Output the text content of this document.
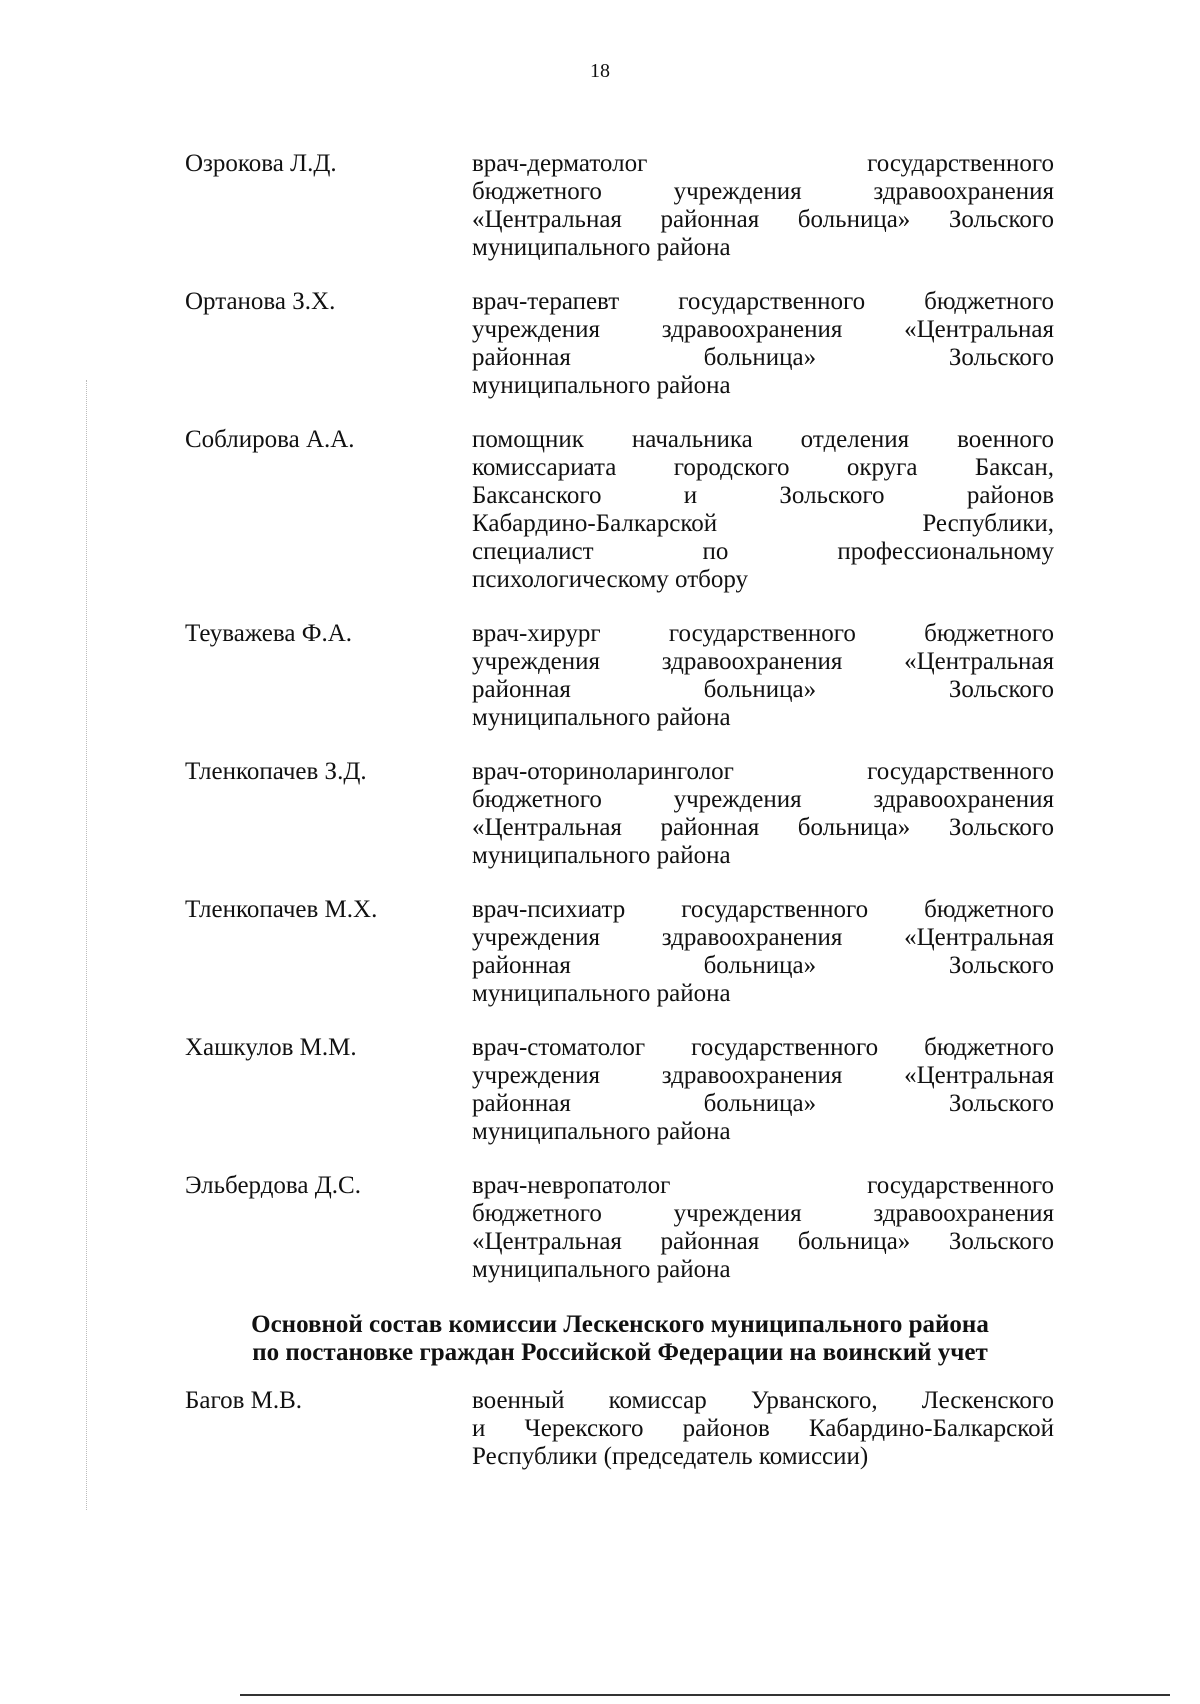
18
Озрокова Л.Д.	врач-дерматолог государственного
бюджетного учреждения здравоохранения
«Центральная районная больница» Зольского
муниципального района
Ортанова З.Х.	врач-терапевт государственного бюджетного
учреждения здравоохранения «Центральная
районная больница» Зольского
муниципального района
Соблирова А.А.	помощник начальника отделения военного
комиссариата городского округа Баксан,
Баксанского и Зольского районов
Кабардино-Балкарской Республики,
специалист по профессиональному
психологическому отбору
Теуважева Ф.А.	врач-хирург государственного бюджетного
учреждения здравоохранения «Центральная
районная больница» Зольского
муниципального района
Тленкопачев З.Д.	врач-оториноларинголог государственного
бюджетного учреждения здравоохранения
«Центральная районная больница» Зольского
муниципального района
Тленкопачев М.Х.	врач-психиатр государственного бюджетного
учреждения здравоохранения «Центральная
районная больница» Зольского
муниципального района
Хашкулов М.М.	врач-стоматолог государственного бюджетного
учреждения здравоохранения «Центральная
районная больница» Зольского
муниципального района
Эльбердова Д.С.	врач-невропатолог государственного
бюджетного учреждения здравоохранения
«Центральная районная больница» Зольского
муниципального района
Основной состав комиссии Лескенского муниципального района
по постановке граждан Российской Федерации на воинский учет
Багов М.В.	военный комиссар Урванского, Лескенского
и Черекского районов Кабардино-Балкарской
Республики (председатель комиссии)
